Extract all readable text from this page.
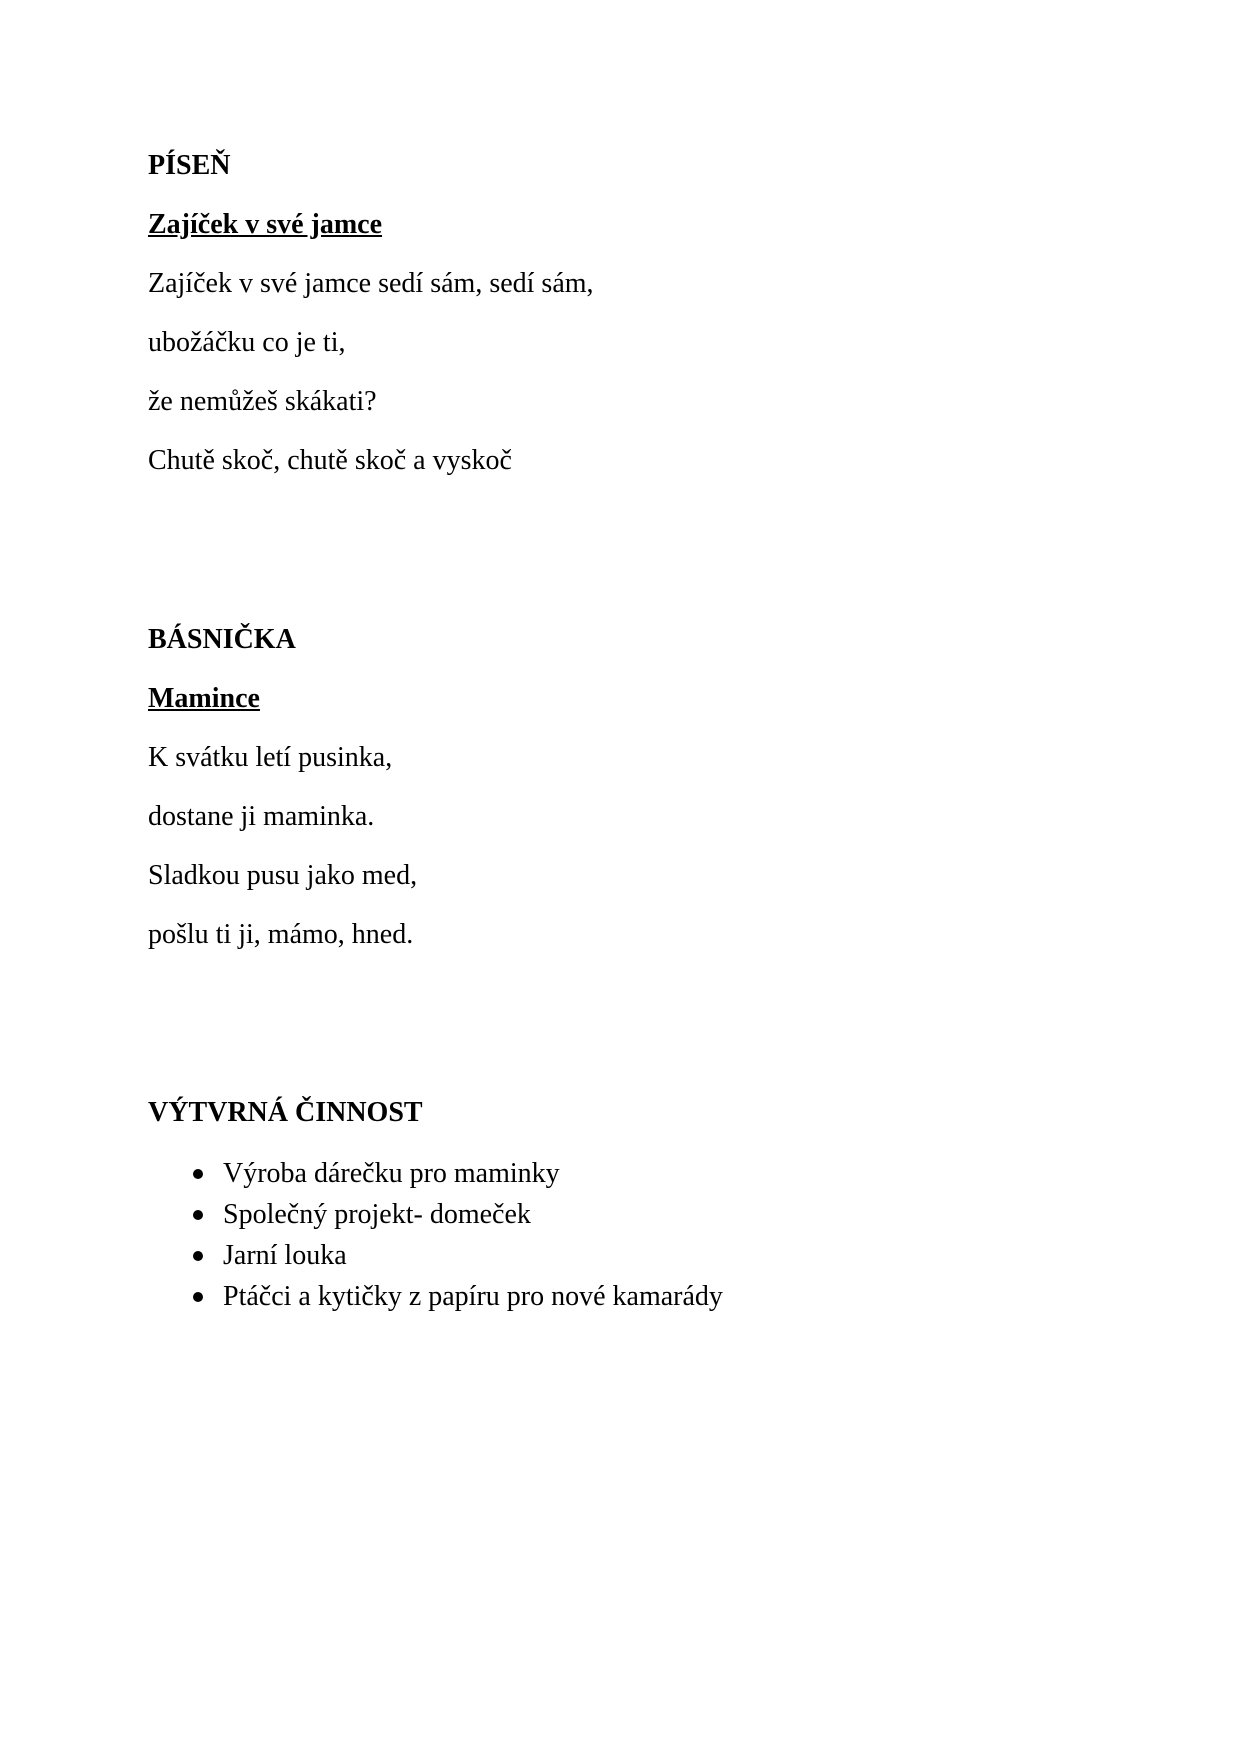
PÍSEŇ

Zajíček v své jamce

Zajíček v své jamce sedí sám, sedí sám,

ubožáčku co je ti,

že nemůžeš skákati?

Chutě skoč, chutě skoč a vyskoč

BÁSNIČKA

Mamince

K svátku letí pusinka,

dostane ji maminka.

Sladkou pusu jako med,

pošlu ti ji, mámo, hned.

VÝTVRNÁ ČINNOST

Výroba dárečku pro maminky
Společný projekt- domeček
Jarní louka
Ptáčci a kytičky z papíru pro nové kamarády
